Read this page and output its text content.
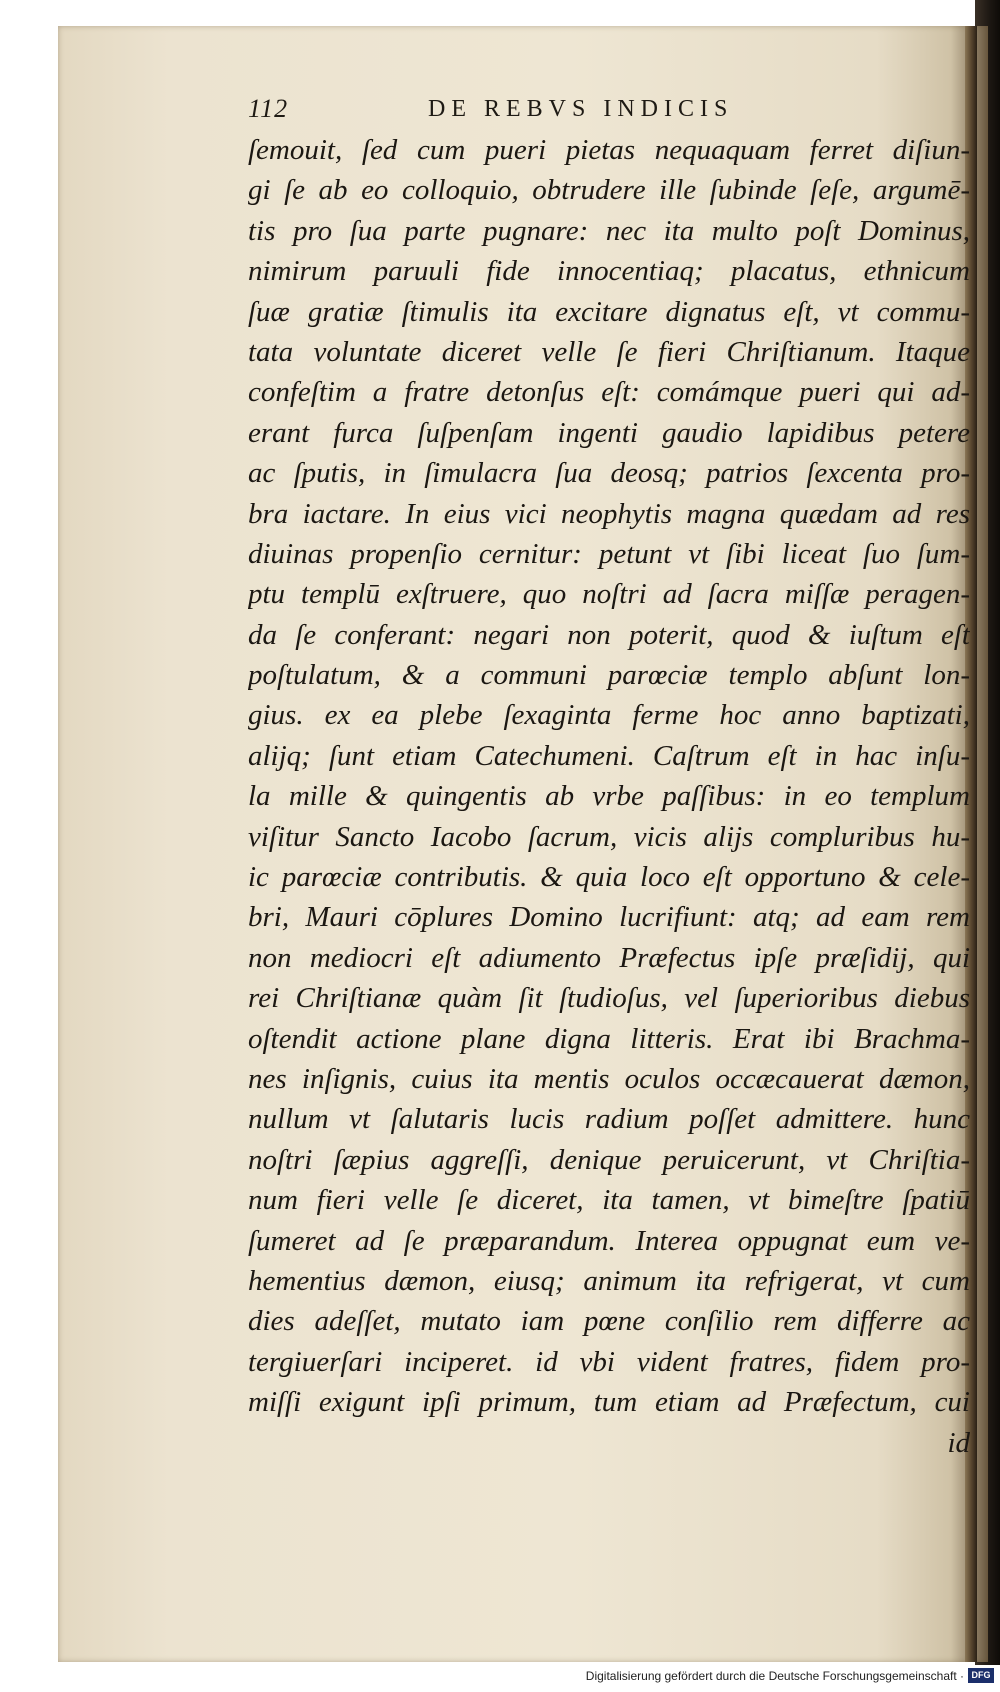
112	DE REBVS INDICIS
ſemouit, ſed cum pueri pietas nequaquam ferret diſiun-
gi ſe ab eo colloquio, obtrudere ille ſubinde ſeſe, argumē-
tis pro ſua parte pugnare: nec ita multo poſt Dominus,
nimirum paruuli fide innocentiaq; placatus, ethnicum
ſuæ gratiæ ſtimulis ita excitare dignatus eſt, vt commu-
tata voluntate diceret velle ſe fieri Chriſtianum. Itaque
confeſtim a fratre detonſus eſt: comámque pueri qui ad-
erant furca ſuſpenſam ingenti gaudio lapidibus petere
ac ſputis, in ſimulacra ſua deosq; patrios ſexcenta pro-
bra iactare. In eius vici neophytis magna quædam ad res
diuinas propenſio cernitur: petunt vt ſibi liceat ſuo ſum-
ptu templū exſtruere, quo noſtri ad ſacra miſſæ peragen-
da ſe conferant: negari non poterit, quod & iuſtum eſt
poſtulatum, & a communi parœciæ templo abſunt lon-
gius. ex ea plebe ſexaginta ferme hoc anno baptizati,
alijq; ſunt etiam Catechumeni. Caſtrum eſt in hac inſu-
la mille & quingentis ab vrbe paſſibus: in eo templum
viſitur Sancto Iacobo ſacrum, vicis alijs compluribus hu-
ic parœciæ contributis. & quia loco eſt opportuno & cele-
bri, Mauri cōplures Domino lucrifiunt: atq; ad eam rem
non mediocri eſt adiumento Præfectus ipſe præſidij, qui
rei Chriſtianæ quàm ſit ſtudioſus, vel ſuperioribus diebus
oſtendit actione plane digna litteris. Erat ibi Brachma-
nes inſignis, cuius ita mentis oculos occæcauerat dæmon,
nullum vt ſalutaris lucis radium poſſet admittere. hunc
noſtri ſæpius aggreſſi, denique peruicerunt, vt Chriſtia-
num fieri velle ſe diceret, ita tamen, vt bimeſtre ſpatiū
ſumeret ad ſe præparandum. Interea oppugnat eum ve-
hementius dæmon, eiusq; animum ita refrigerat, vt cum
dies adeſſet, mutato iam pœne conſilio rem differre ac
tergiuerſari inciperet. id vbi vident fratres, fidem pro-
miſſi exigunt ipſi primum, tum etiam ad Præfectum, cui
id
Digitalisierung gefördert durch die Deutsche Forschungsgemeinschaft · DFG
